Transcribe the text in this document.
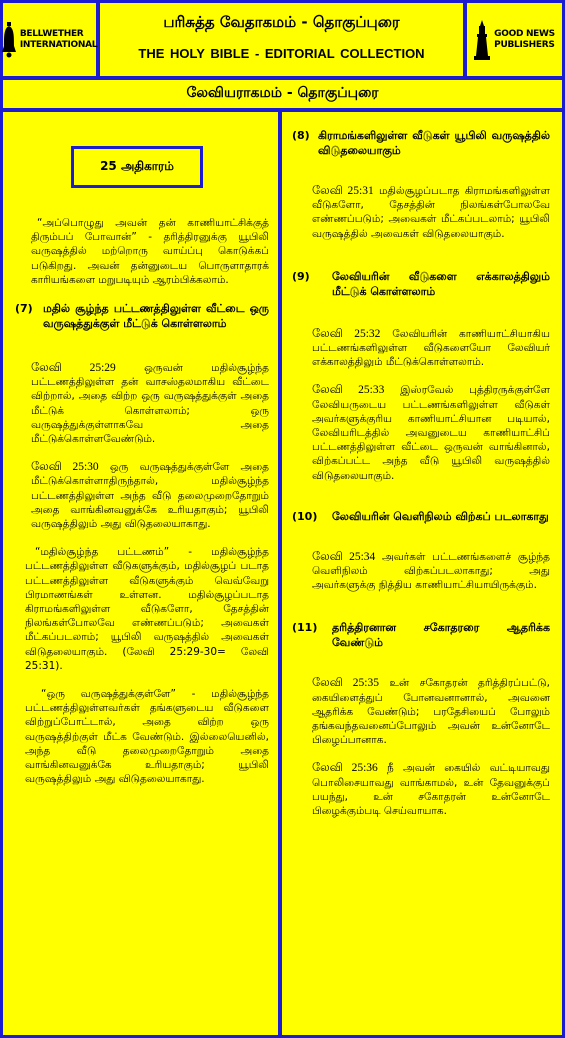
BELLWETHER
INTERNATIONAL
பரிசுத்த வேதாகமம் - தொகுப்புரை
THE HOLY BIBLE - EDITORIAL COLLECTION
GOOD NEWS
PUBLISHERS
லேவியராகமம் - தொகுப்புரை
25 அதிகாரம்

“அப்பொழுது அவன் தன் காணியாட்சிக்குத் திரும்பப் போவான்” - தரித்திரனுக்கு யூபிலி வருஷத்தில் மற்றொரு வாய்ப்பு கொடுக்கப் படுகிறது. அவன் தன்னுடைய பொருளாதாரக் காரியங்களை மறுபடியும் ஆரம்பிக்கலாம்.

(7) மதில் சூழ்ந்த பட்டணத்திலுள்ள வீட்டை ஒரு வருஷத்துக்குள் மீட்டுக் கொள்ளலாம்

லேவி 25:29 ஒருவன் மதில்சூழ்ந்த பட்டணத்திலுள்ள தன் வாசஸ்தலமாகிய வீட்டை விற்றால், அதை விற்ற ஒரு வருஷத்துக்குள் அதை மீட்டுக் கொள்ளலாம்; ஒரு வருஷத்துக்குள்ளாகவே அதை மீட்டுக்கொள்ளவேண்டும்.

லேவி 25:30 ஒரு வருஷத்துக்குள்ளே அதை மீட்டுக்கொள்ளாதிருந்தால், மதில்சூழ்ந்த பட்டணத்திலுள்ள அந்த வீடு தலைமுறைதோறும் அதை வாங்கினவனுக்கே உரியதாகும்; யூபிலி வருஷத்திலும் அது விடுதலையாகாது.

“மதில்சூழ்ந்த பட்டணம்” - மதில்சூழ்ந்த பட்டணத்திலுள்ள வீடுகளுக்கும், மதில்சூழப் படாத பட்டணத்திலுள்ள வீடுகளுக்கும் வெவ்வேறு பிரமாணங்கள் உள்ளன. மதில்சூழப்படாத கிராமங்களிலுள்ள வீடுகளோ, தேசத்தின் நிலங்கள்போலவே எண்ணப்படும்; அவைகள் மீட்கப்படலாம்; யூபிலி வருஷத்தில் அவைகள் விடுதலையாகும். (லேவி 25:29-30= லேவி 25:31).

“ஒரு வருஷத்துக்குள்ளே” - மதில்சூழ்ந்த பட்டணத்திலுள்ளவர்கள் தங்களுடைய வீடுகளை விற்றுப்போட்டால், அதை விற்ற ஒரு வருஷத்திற்குள் மீட்க வேண்டும். இல்லையெனில், அந்த வீடு தலைமுறைதோறும் அதை வாங்கினவனுக்கே உரியதாகும்; யூபிலி வருஷத்திலும் அது விடுதலையாகாது.

(8) கிராமங்களிலுள்ள வீடுகள் யூபிலி வருஷத்தில் விடுதலையாகும்

லேவி 25:31 மதில்சூழப்படாத கிராமங்களிலுள்ள வீடுகளோ, தேசத்தின் நிலங்கள்போலவே எண்ணப்படும்; அவைகள் மீட்கப்படலாம்; யூபிலி வருஷத்தில் அவைகள் விடுதலையாகும்.

(9)	லேவியரின் வீடுகளை எக்காலத்திலும் மீட்டுக் கொள்ளலாம்

லேவி 25:32 லேவியரின் காணியாட்சியாகிய பட்டணங்களிலுள்ள வீடுகளையோ லேவியர் எக்காலத்திலும் மீட்டுக்கொள்ளலாம்.

லேவி 25:33 இஸ்ரவேல் புத்திரருக்குள்ளே லேவியருடைய பட்டணங்களிலுள்ள வீடுகள் அவர்களுக்குரிய காணியாட்சியான படியால், லேவியரிடத்தில் அவனுடைய காணியாட்சிப் பட்டணத்திலுள்ள வீட்டை ஒருவன் வாங்கினால், விற்கப்பட்ட அந்த வீடு யூபிலி வருஷத்தில் விடுதலையாகும்.

(10)	லேவியரின் வெளிநிலம் விற்கப் படலாகாது

லேவி 25:34 அவர்கள் பட்டணங்களைச் சூழ்ந்த வெளிநிலம் விற்கப்படலாகாது; அது அவர்களுக்கு நித்திய காணியாட்சியாயிருக்கும்.

(11)	தரித்திரனான சகோதரரை ஆதரிக்க வேண்டும்

லேவி 25:35 உன் சகோதரன் தரித்திரப்பட்டு, கையிளைத்துப் போனவனானால், அவனை ஆதரிக்க வேண்டும்; பரதேசியைப் போலும் தங்கவந்தவனைப்போலும் அவன் உன்னோடே பிழைப்பானாக.

லேவி 25:36 நீ அவன் கையில் வட்டியாவது பொலிசையாவது வாங்காமல், உன் தேவனுக்குப் பயந்து, உன் சகோதரன் உன்னோடே பிழைக்கும்படி செய்வாயாக.
